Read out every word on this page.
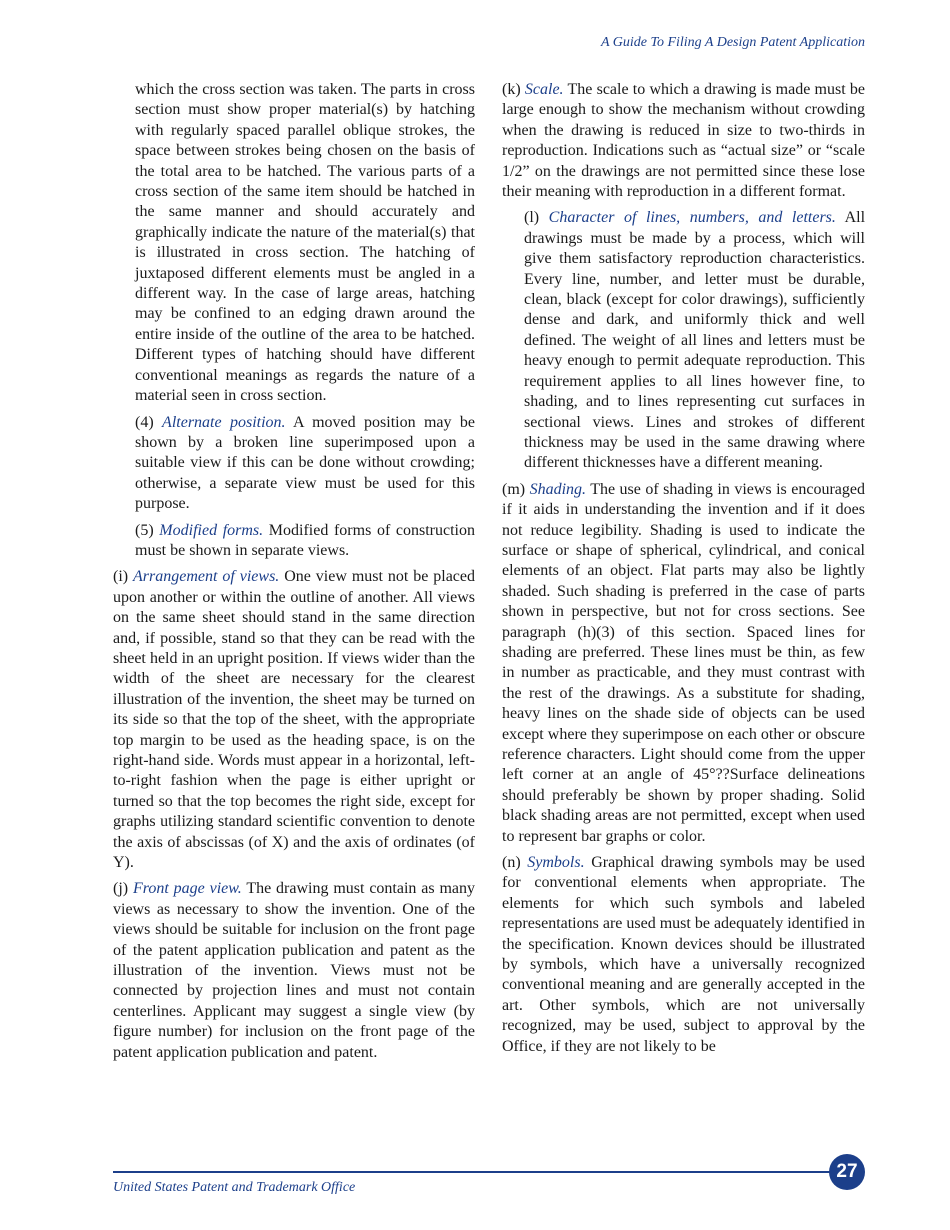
A Guide To Filing A Design Patent Application

which the cross section was taken. The parts in cross section must show proper material(s) by hatching with regularly spaced parallel oblique strokes, the space between strokes being chosen on the basis of the total area to be hatched. The various parts of a cross section of the same item should be hatched in the same manner and should accurately and graphically indicate the nature of the material(s) that is illustrated in cross section. The hatching of juxtaposed different elements must be angled in a different way. In the case of large areas, hatching may be confined to an edging drawn around the entire inside of the outline of the area to be hatched. Different types of hatching should have different conventional meanings as regards the nature of a material seen in cross section.

(4) Alternate position. A moved position may be shown by a broken line superimposed upon a suitable view if this can be done without crowding; otherwise, a separate view must be used for this purpose.

(5) Modified forms. Modified forms of construction must be shown in separate views.

(i) Arrangement of views. One view must not be placed upon another or within the outline of another. All views on the same sheet should stand in the same direction and, if possible, stand so that they can be read with the sheet held in an upright position. If views wider than the width of the sheet are necessary for the clearest illustration of the invention, the sheet may be turned on its side so that the top of the sheet, with the appropriate top margin to be used as the heading space, is on the right-hand side. Words must appear in a horizontal, left-to-right fashion when the page is either upright or turned so that the top becomes the right side, except for graphs utilizing standard scientific convention to denote the axis of abscissas (of X) and the axis of ordinates (of Y).

(j) Front page view. The drawing must contain as many views as necessary to show the invention. One of the views should be suitable for inclusion on the front page of the patent application publication and patent as the illustration of the invention. Views must not be connected by projection lines and must not contain centerlines. Applicant may suggest a single view (by figure number) for inclusion on the front page of the patent application publication and patent.

(k) Scale. The scale to which a drawing is made must be large enough to show the mechanism without crowding when the drawing is reduced in size to two-thirds in reproduction. Indications such as “actual size” or “scale 1/2” on the drawings are not permitted since these lose their meaning with reproduction in a different format.

(l) Character of lines, numbers, and letters. All drawings must be made by a process, which will give them satisfactory reproduction characteristics. Every line, number, and letter must be durable, clean, black (except for color drawings), sufficiently dense and dark, and uniformly thick and well defined. The weight of all lines and letters must be heavy enough to permit adequate reproduction. This requirement applies to all lines however fine, to shading, and to lines representing cut surfaces in sectional views. Lines and strokes of different thickness may be used in the same drawing where different thicknesses have a different meaning.

(m) Shading. The use of shading in views is encouraged if it aids in understanding the invention and if it does not reduce legibility. Shading is used to indicate the surface or shape of spherical, cylindrical, and conical elements of an object. Flat parts may also be lightly shaded. Such shading is preferred in the case of parts shown in perspective, but not for cross sections. See paragraph (h)(3) of this section. Spaced lines for shading are preferred. These lines must be thin, as few in number as practicable, and they must contrast with the rest of the drawings. As a substitute for shading, heavy lines on the shade side of objects can be used except where they superimpose on each other or obscure reference characters. Light should come from the upper left corner at an angle of 45°??Surface delineations should preferably be shown by proper shading. Solid black shading areas are not permitted, except when used to represent bar graphs or color.

(n) Symbols. Graphical drawing symbols may be used for conventional elements when appropriate. The elements for which such symbols and labeled representations are used must be adequately identified in the specification. Known devices should be illustrated by symbols, which have a universally recognized conventional meaning and are generally accepted in the art. Other symbols, which are not universally recognized, may be used, subject to approval by the Office, if they are not likely to be

27
United States Patent and Trademark Office
